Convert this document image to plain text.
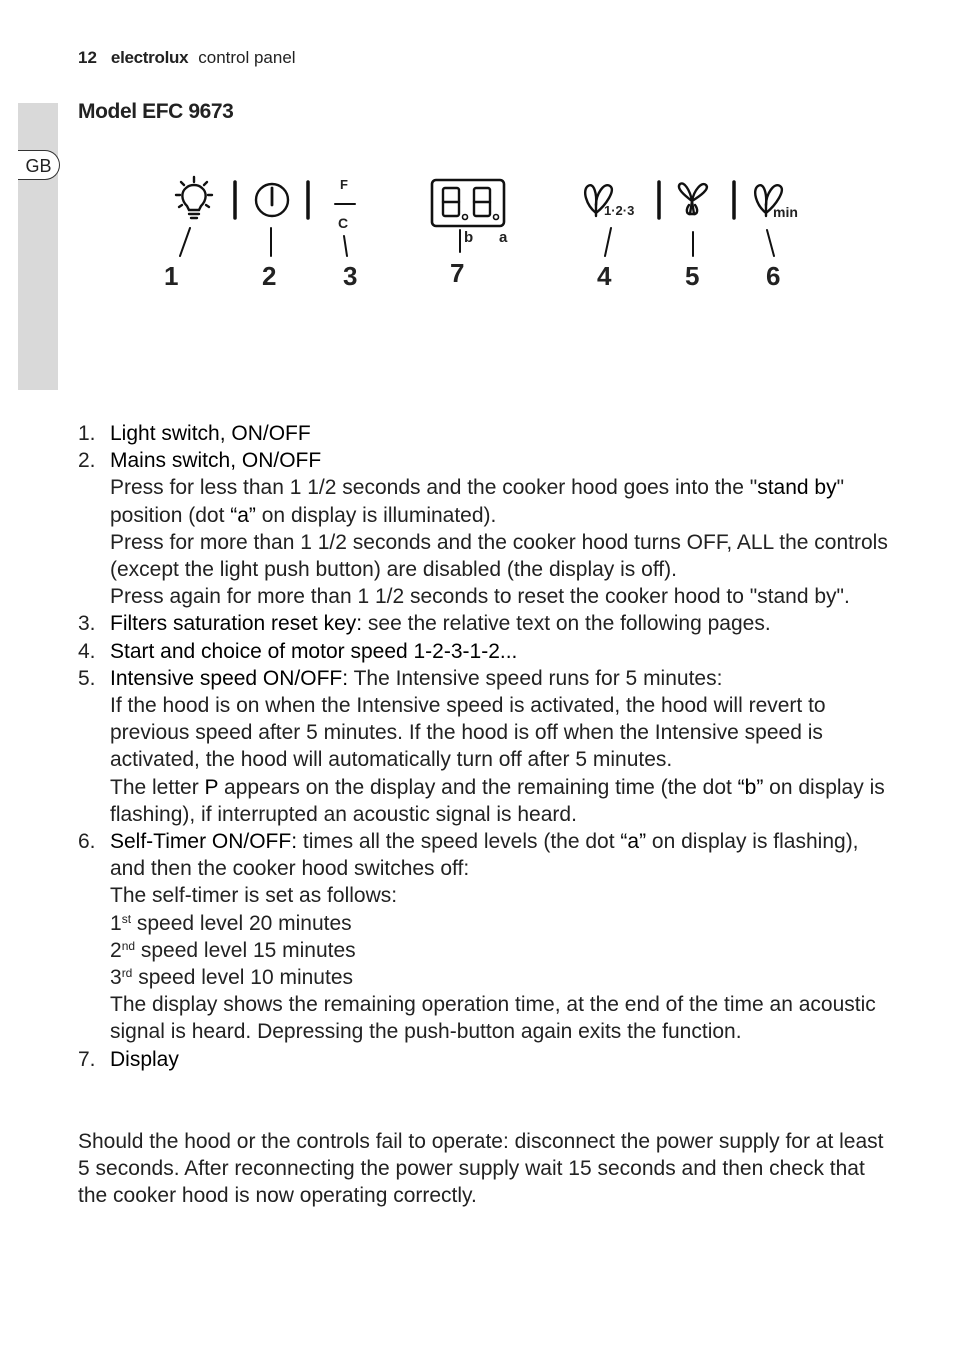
GB
12 electrolux control panel
Model EFC 9673
F
C
b a
1·2·3	min
1	2	3	7	4	5	6
1. Light switch, ON/OFF
2. Mains switch, ON/OFF

Press for less than 1 1/2 seconds and the cooker hood goes into the "stand by" position (dot “a” on display is illuminated).

Press for more than 1 1/2 seconds and the cooker hood turns OFF, ALL the controls (except the light push button) are disabled (the display is off).

Press again for more than 1 1/2 seconds to reset the cooker hood to "stand by".

3. Filters saturation reset key: see the relative text on the following pages.
4. Start and choice of motor speed 1-2-3-1-2...
5. Intensive speed ON/OFF: The Intensive speed runs for 5 minutes:

If the hood is on when the Intensive speed is activated, the hood will revert to previous speed after 5 minutes. If the hood is off when the Intensive speed is activated, the hood will automatically turn off after 5 minutes.

The letter P appears on the display and the remaining time (the dot “b” on display is flashing), if interrupted an acoustic signal is heard.

6. Self-Timer ON/OFF: times all the speed levels (the dot “a” on display is flashing), and then the cooker hood switches off:

The self-timer is set as follows:

1st speed level 20 minutes

2nd speed level 15 minutes

3rd speed level 10 minutes

The display shows the remaining operation time, at the end of the time an acoustic signal is heard. Depressing the push-button again exits the function.

7. Display

Should the hood or the controls fail to operate: disconnect the power supply for at least 5 seconds. After reconnecting the power supply wait 15 seconds and then check that the cooker hood is now operating correctly.
